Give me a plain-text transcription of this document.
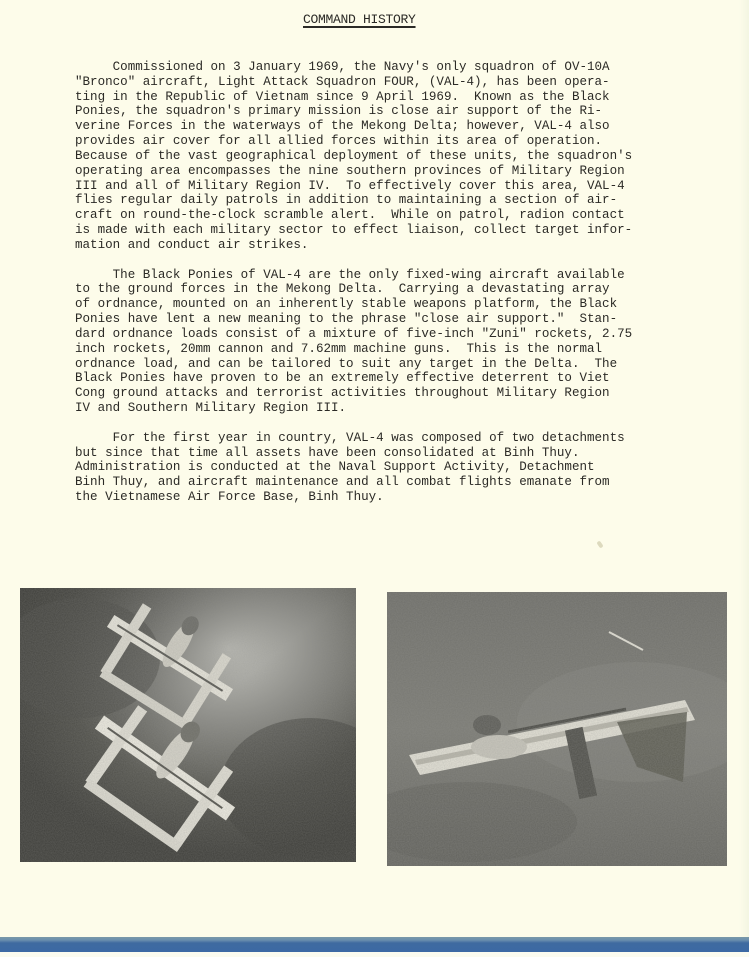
COMMAND HISTORY

Commissioned on 3 January 1969, the Navy's only squadron of OV-10A
"Bronco" aircraft, Light Attack Squadron FOUR, (VAL-4), has been opera-
ting in the Republic of Vietnam since 9 April 1969.  Known as the Black
Ponies, the squadron's primary mission is close air support of the Ri-
verine Forces in the waterways of the Mekong Delta; however, VAL-4 also
provides air cover for all allied forces within its area of operation.
Because of the vast geographical deployment of these units, the squadron's
operating area encompasses the nine southern provinces of Military Region
III and all of Military Region IV.  To effectively cover this area, VAL-4
flies regular daily patrols in addition to maintaining a section of air-
craft on round-the-clock scramble alert.  While on patrol, radion contact
is made with each military sector to effect liaison, collect target infor-
mation and conduct air strikes.

The Black Ponies of VAL-4 are the only fixed-wing aircraft available
to the ground forces in the Mekong Delta.  Carrying a devastating array
of ordnance, mounted on an inherently stable weapons platform, the Black
Ponies have lent a new meaning to the phrase "close air support."  Stan-
dard ordnance loads consist of a mixture of five-inch "Zuni" rockets, 2.75
inch rockets, 20mm cannon and 7.62mm machine guns.  This is the normal
ordnance load, and can be tailored to suit any target in the Delta.  The
Black Ponies have proven to be an extremely effective deterrent to Viet
Cong ground attacks and terrorist activities throughout Military Region
IV and Southern Military Region III.

For the first year in country, VAL-4 was composed of two detachments
but since that time all assets have been consolidated at Binh Thuy.
Administration is conducted at the Naval Support Activity, Detachment
Binh Thuy, and aircraft maintenance and all combat flights emanate from
the Vietnamese Air Force Base, Binh Thuy.
